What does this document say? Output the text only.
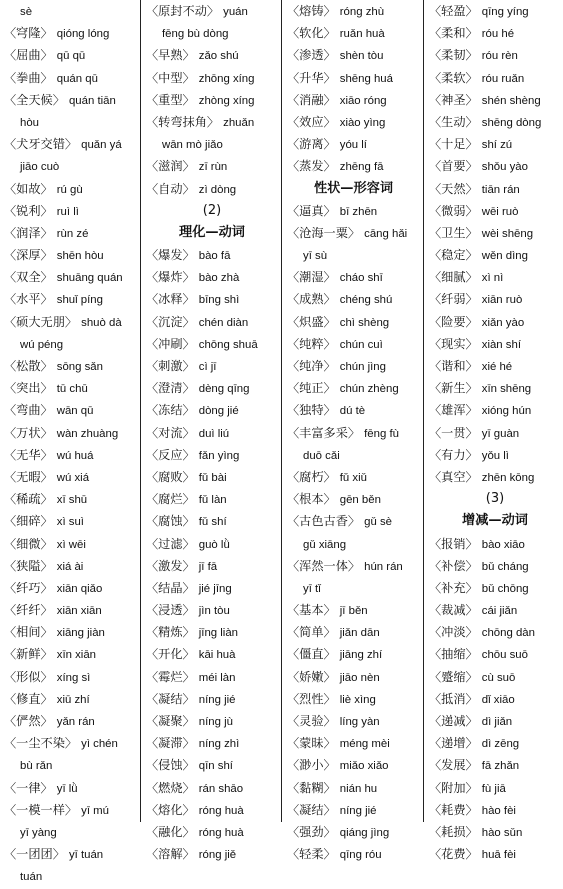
sè
〈穹隆〉 qióng lóng
〈屈曲〉 qū qū
〈拳曲〉 quán qū
〈全天候〉 quán tiān
hòu
〈犬牙交错〉 quǎn yá
jiāo cuò
〈如故〉 rú gù
〈锐利〉 ruì lì
〈润泽〉 rùn zé
〈深厚〉 shēn hòu
〈双全〉 shuāng quán
〈水平〉 shuǐ píng
〈硕大无朋〉 shuò dà
wú péng
〈松散〉 sōng sǎn
〈突出〉 tū chū
〈弯曲〉 wān qū
〈万状〉 wàn zhuàng
〈无华〉 wú huá
〈无暇〉 wú xiá
〈稀疏〉 xī shū
〈细碎〉 xì suì
〈细微〉 xì wēi
〈狭隘〉 xiá ài
〈纤巧〉 xiān qiǎo
〈纤纤〉 xiān xiān
〈相间〉 xiāng jiàn
〈新鲜〉 xīn xiān
〈形似〉 xíng sì
〈修直〉 xiū zhí
〈俨然〉 yǎn rán
〈一尘不染〉 yì chén
bù rǎn
〈一律〉 yī lǜ
〈一模一样〉 yī mú
yī yàng
〈一团团〉 yī tuán
tuán
〈原封不动〉 yuán
fēng bù dòng
〈早熟〉 zǎo shú
〈中型〉 zhōng xíng
〈重型〉 zhòng xíng
〈转弯抹角〉 zhuǎn
wān mò jiǎo
〈滋润〉 zī rùn
〈自动〉 zì dòng
(2)
理化—动词
〈爆发〉 bào fā
〈爆炸〉 bào zhà
〈冰释〉 bīng shì
〈沉淀〉 chén diàn
〈冲刷〉 chōng shuā
〈刺激〉 cì jī
〈澄清〉 dèng qīng
〈冻结〉 dòng jié
〈对流〉 duì liú
〈反应〉 fǎn yìng
〈腐败〉 fǔ bài
〈腐烂〉 fǔ làn
〈腐蚀〉 fǔ shí
〈过滤〉 guò lǜ
〈激发〉 jī fā
〈结晶〉 jié jīng
〈浸透〉 jìn tòu
〈精炼〉 jīng liàn
〈开化〉 kāi huà
〈霉烂〉 méi làn
〈凝结〉 níng jié
〈凝聚〉 níng jù
〈凝滞〉 níng zhì
〈侵蚀〉 qīn shí
〈燃烧〉 rán shāo
〈熔化〉 róng huà
〈融化〉 róng huà
〈溶解〉 róng jiě
〈熔铸〉 róng zhù
〈软化〉 ruǎn huà
〈渗透〉 shèn tòu
〈升华〉 shēng huá
〈消融〉 xiāo róng
〈效应〉 xiào yìng
〈游离〉 yóu lí
〈蒸发〉 zhēng fā
性状—形容词
〈逼真〉 bī zhēn
〈沧海一粟〉 cāng hǎi
yī sù
〈潮湿〉 cháo shī
〈成熟〉 chéng shú
〈炽盛〉 chì shèng
〈纯粹〉 chún cuì
〈纯净〉 chún jìng
〈纯正〉 chún zhèng
〈独特〉 dú tè
〈丰富多采〉 fēng fù
duō cǎi
〈腐朽〉 fǔ xiǔ
〈根本〉 gēn běn
〈古色古香〉 gǔ sè
gǔ xiāng
〈浑然一体〉 hún rán
yī tǐ
〈基本〉 jī běn
〈简单〉 jiǎn dān
〈僵直〉 jiāng zhí
〈娇嫩〉 jiāo nèn
〈烈性〉 liè xìng
〈灵验〉 líng yàn
〈蒙昧〉 méng mèi
〈渺小〉 miǎo xiǎo
〈黏糊〉 nián hu
〈凝结〉 níng jié
〈强劲〉 qiáng jìng
〈轻柔〉 qīng róu
〈轻盈〉 qīng yíng
〈柔和〉 róu hé
〈柔韧〉 róu rèn
〈柔软〉 róu ruǎn
〈神圣〉 shén shèng
〈生动〉 shēng dòng
〈十足〉 shí zú
〈首要〉 shǒu yào
〈天然〉 tiān rán
〈微弱〉 wēi ruò
〈卫生〉 wèi shēng
〈稳定〉 wěn dìng
〈细腻〉 xì nì
〈纤弱〉 xiān ruò
〈险要〉 xiǎn yào
〈现实〉 xiàn shí
〈谐和〉 xié hé
〈新生〉 xīn shēng
〈雄浑〉 xióng hún
〈一贯〉 yī guàn
〈有力〉 yǒu lì
〈真空〉 zhēn kōng
(3)
增减—动词
〈报销〉 bào xiāo
〈补偿〉 bǔ cháng
〈补充〉 bǔ chōng
〈裁减〉 cái jiǎn
〈冲淡〉 chōng dàn
〈抽缩〉 chōu suō
〈蹙缩〉 cù suō
〈抵消〉 dǐ xiāo
〈递减〉 dì jiǎn
〈递增〉 dì zēng
〈发展〉 fā zhǎn
〈附加〉 fù jiā
〈耗费〉 hào fèi
〈耗损〉 hào sǔn
〈花费〉 huā fèi
